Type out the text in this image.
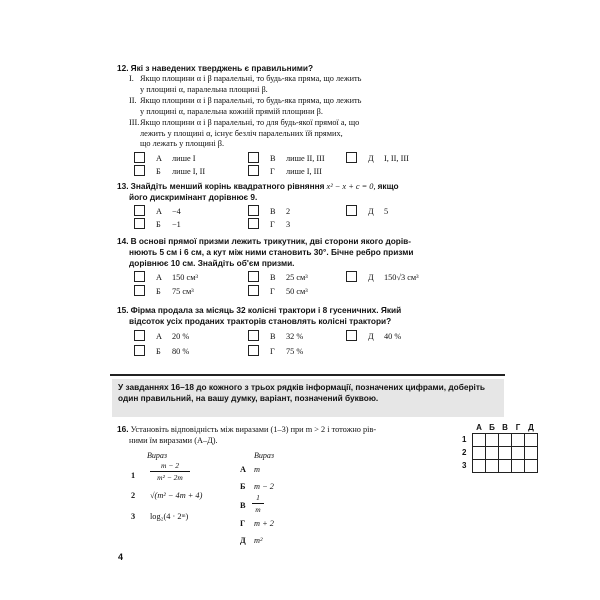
12. Які з наведених тверджень є правильними?
I. Якщо площини α і β паралельні, то будь-яка пряма, що лежить
у площині α, паралельна площині β.
II. Якщо площини α і β паралельні, то будь-яка пряма, що лежить
у площині α, паралельна кожній прямій площини β.
III. Якщо площини α і β паралельні, то для будь-якої прямої a, що
лежить у площині α, існує безліч паралельних їй прямих,
що лежать у площині β.
А лише I
Б лише I, II
В лише II, III
Г лише I, III
Д I, II, III
13. Знайдіть менший корінь квадратного рівняння x² − x + c = 0, якщо
його дискримінант дорівнює 9.
А −4
Б −1
В 2
Г 3
Д 5
14. В основі прямої призми лежить трикутник, дві сторони якого дорів-
нюють 5 см і 6 см, а кут між ними становить 30°. Бічне ребро призми
дорівнює 10 см. Знайдіть об'єм призми.
А 150 см³
Б 75 см³
В 25 см³
Г 50 см³
Д 150√3 см³
15. Фірма продала за місяць 32 колісні трактори і 8 гусеничних. Який
відсоток усіх проданих тракторів становлять колісні трактори?
А 20 %
Б 80 %
В 32 %
Г 75 %
Д 40 %
У завданнях 16–18 до кожного з трьох рядків інформації, позначених цифрами, доберіть один правильний, на вашу думку, варіант, позначений буквою.
16. Установіть відповідність між виразами (1–3) при m > 2 і тотожно рів-
ними їм виразами (А–Д).
Вираз	Вираз
1
m − 2
m² − 2m
2 √(m² − 4m + 4)
3 log₂(4 · 2ᵐ)
А m
Б m − 2
В
1
m
Г m + 2
Д m²
А Б В Г Д
1
2
3

4
